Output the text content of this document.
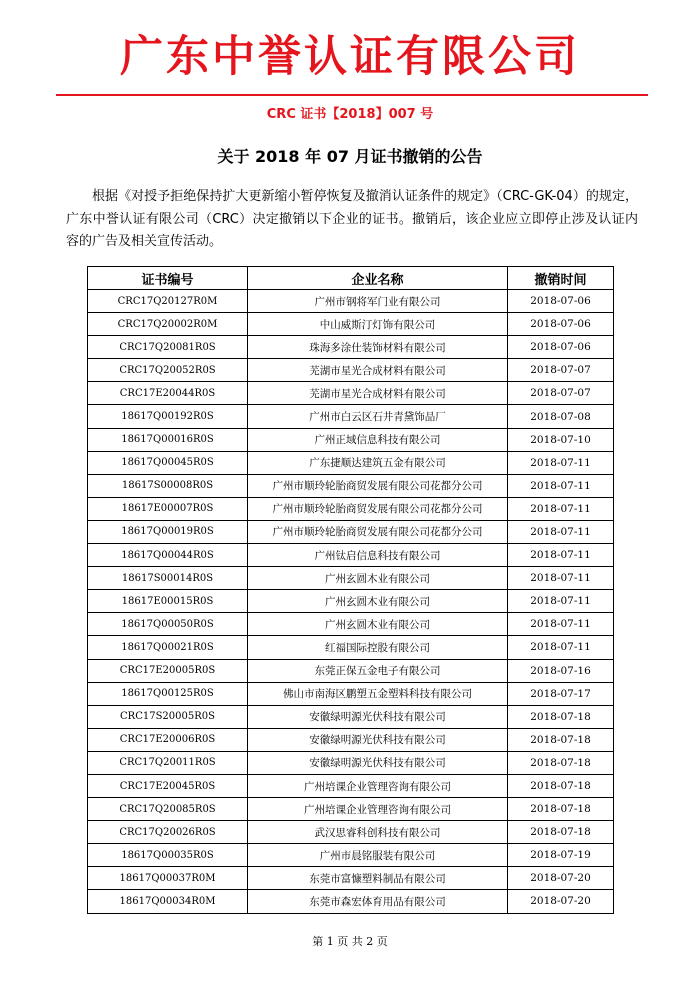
广东中誉认证有限公司
CRC 证书【2018】007 号
关于 2018 年 07 月证书撤销的公告
根据《对授予拒绝保持扩大更新缩小暂停恢复及撤消认证条件的规定》（CRC-GK-04）的规定，广东中誉认证有限公司（CRC）决定撤销以下企业的证书。撤销后，该企业应立即停止涉及认证内容的广告及相关宣传活动。
证书编号	企业名称	撤销时间
CRC17Q20127R0M	广州市钢将军门业有限公司	2018-07-06
CRC17Q20002R0M	中山威斯汀灯饰有限公司	2018-07-06
CRC17Q20081R0S	珠海多涂仕装饰材料有限公司	2018-07-06
CRC17Q20052R0S	芜湖市星光合成材料有限公司	2018-07-07
CRC17E20044R0S	芜湖市星光合成材料有限公司	2018-07-07
18617Q00192R0S	广州市白云区石井青黛饰品厂	2018-07-08
18617Q00016R0S	广州正域信息科技有限公司	2018-07-10
18617Q00045R0S	广东捷顺达建筑五金有限公司	2018-07-11
18617S00008R0S	广州市顺玲轮胎商贸发展有限公司花都分公司	2018-07-11
18617E00007R0S	广州市顺玲轮胎商贸发展有限公司花都分公司	2018-07-11
18617Q00019R0S	广州市顺玲轮胎商贸发展有限公司花都分公司	2018-07-11
18617Q00044R0S	广州钛启信息科技有限公司	2018-07-11
18617S00014R0S	广州玄圆木业有限公司	2018-07-11
18617E00015R0S	广州玄圆木业有限公司	2018-07-11
18617Q00050R0S	广州玄圆木业有限公司	2018-07-11
18617Q00021R0S	红福国际控股有限公司	2018-07-11
CRC17E20005R0S	东莞正保五金电子有限公司	2018-07-16
18617Q00125R0S	佛山市南海区鹏塑五金塑料科技有限公司	2018-07-17
CRC17S20005R0S	安徽绿明源光伏科技有限公司	2018-07-18
CRC17E20006R0S	安徽绿明源光伏科技有限公司	2018-07-18
CRC17Q20011R0S	安徽绿明源光伏科技有限公司	2018-07-18
CRC17E20045R0S	广州培课企业管理咨询有限公司	2018-07-18
CRC17Q20085R0S	广州培课企业管理咨询有限公司	2018-07-18
CRC17Q20026R0S	武汉思睿科创科技有限公司	2018-07-18
18617Q00035R0S	广州市晨铭服装有限公司	2018-07-19
18617Q00037R0M	东莞市富慷塑料制品有限公司	2018-07-20
18617Q00034R0M	东莞市森宏体育用品有限公司	2018-07-20
第 1 页 共 2 页
